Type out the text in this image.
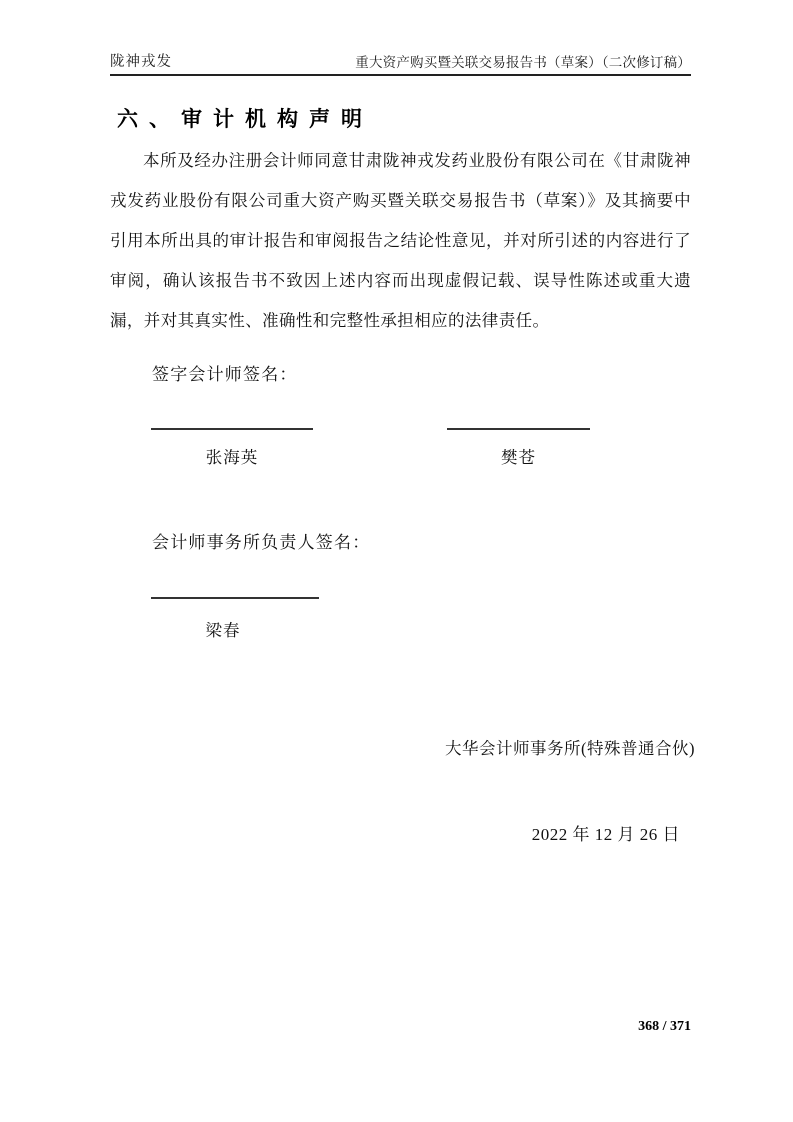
陇神戎发	重大资产购买暨关联交易报告书（草案）（二次修订稿）
六、审计机构声明

本所及经办注册会计师同意甘肃陇神戎发药业股份有限公司在《甘肃陇神戎发药业股份有限公司重大资产购买暨关联交易报告书（草案）》及其摘要中引用本所出具的审计报告和审阅报告之结论性意见，并对所引述的内容进行了审阅，确认该报告书不致因上述内容而出现虚假记载、误导性陈述或重大遗漏，并对其真实性、准确性和完整性承担相应的法律责任。

签字会计师签名：
张海英	樊苍
会计师事务所负责人签名：
梁春
大华会计师事务所(特殊普通合伙)
2022 年 12 月 26 日
368 / 371
